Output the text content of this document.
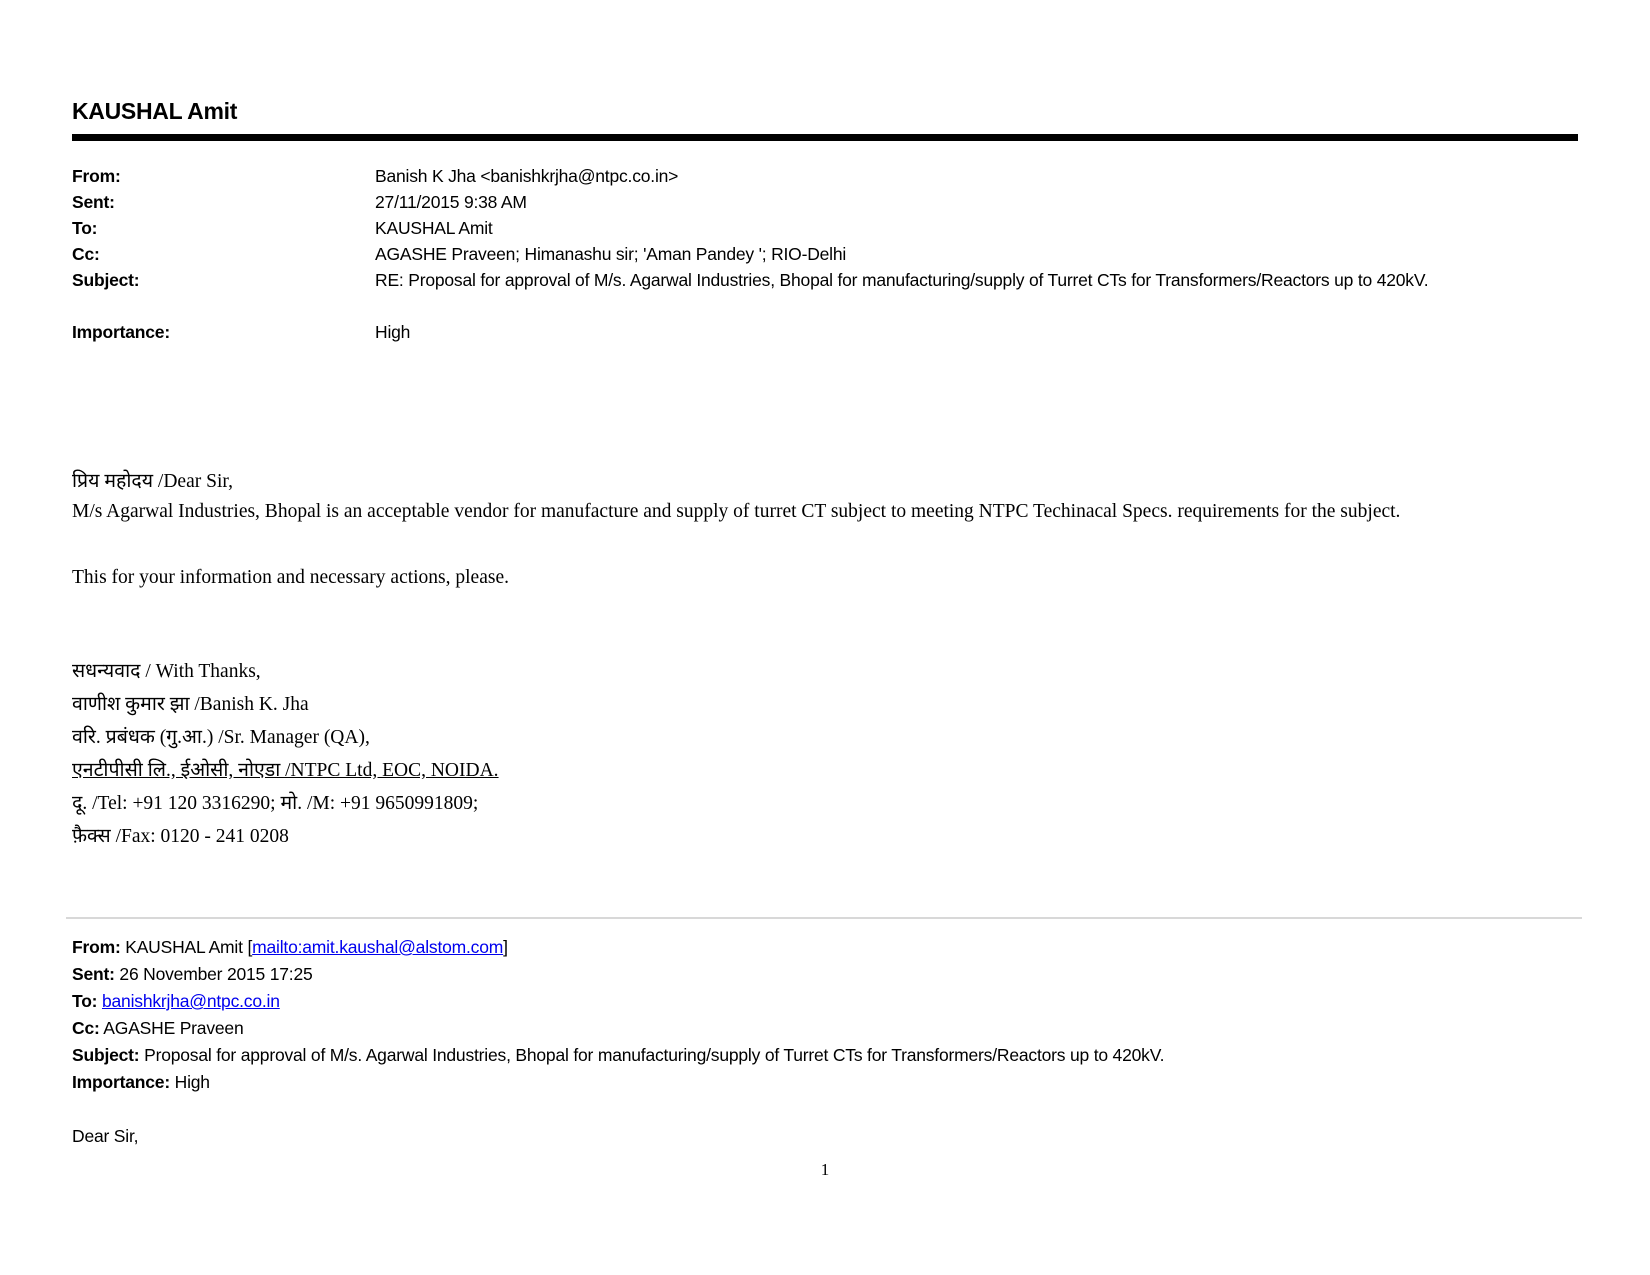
KAUSHAL Amit
From:	Banish K Jha <banishkrjha@ntpc.co.in>
Sent:	27/11/2015 9:38 AM
To:	KAUSHAL Amit
Cc:	AGASHE Praveen; Himanashu sir; 'Aman Pandey '; RIO-Delhi
Subject:	RE: Proposal for approval of M/s. Agarwal Industries, Bhopal for manufacturing/supply of Turret CTs for Transformers/Reactors up to 420kV.
Importance:	High
प्रिय महोदय /Dear Sir,
M/s Agarwal Industries, Bhopal is an acceptable vendor for manufacture and supply of turret CT subject to meeting NTPC Techinacal Specs. requirements for the subject.
This for your information and necessary actions, please.
सधन्यवाद / With Thanks,
वाणीश कुमार झा /Banish K. Jha
वरि. प्रबंधक (गु.आ.) /Sr. Manager (QA),
एनटीपीसी लि., ईओसी, नोएडा /NTPC Ltd, EOC, NOIDA.
दू. /Tel: +91 120 3316290; मो. /M: +91 9650991809;
फ़ैक्स /Fax: 0120 - 241 0208
From: KAUSHAL Amit [mailto:amit.kaushal@alstom.com]
Sent: 26 November 2015 17:25
To: banishkrjha@ntpc.co.in
Cc: AGASHE Praveen
Subject: Proposal for approval of M/s. Agarwal Industries, Bhopal for manufacturing/supply of Turret CTs for Transformers/Reactors up to 420kV.
Importance: High
Dear Sir,
1
